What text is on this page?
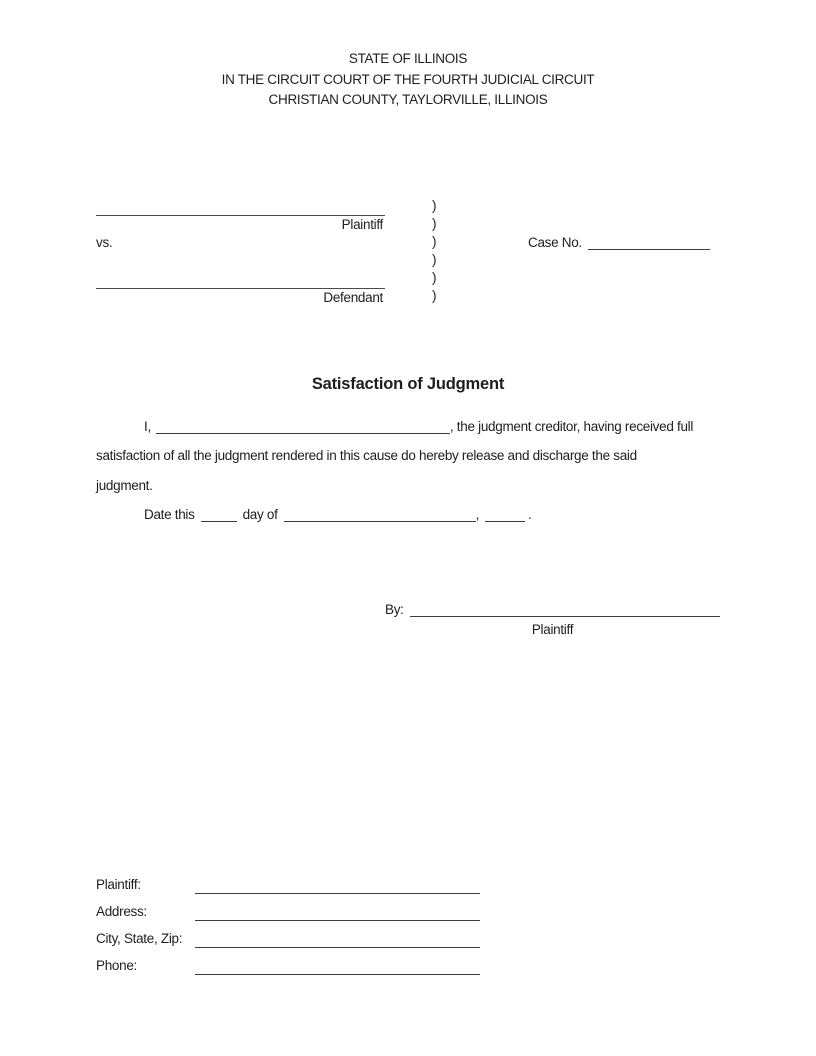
STATE OF ILLINOIS
IN THE CIRCUIT COURT OF THE FOURTH JUDICIAL CIRCUIT
CHRISTIAN COUNTY, TAYLORVILLE, ILLINOIS
Plaintiff
vs.
Defendant
)
)
)
)
)
)
Case No.
Satisfaction of Judgment
I,	, the judgment creditor, having received full
satisfaction of all the judgment rendered in this cause do hereby release and discharge the said
judgment.
Date this	day of	,	.
By:
Plaintiff
Plaintiff:
Address:
City, State, Zip:
Phone:
